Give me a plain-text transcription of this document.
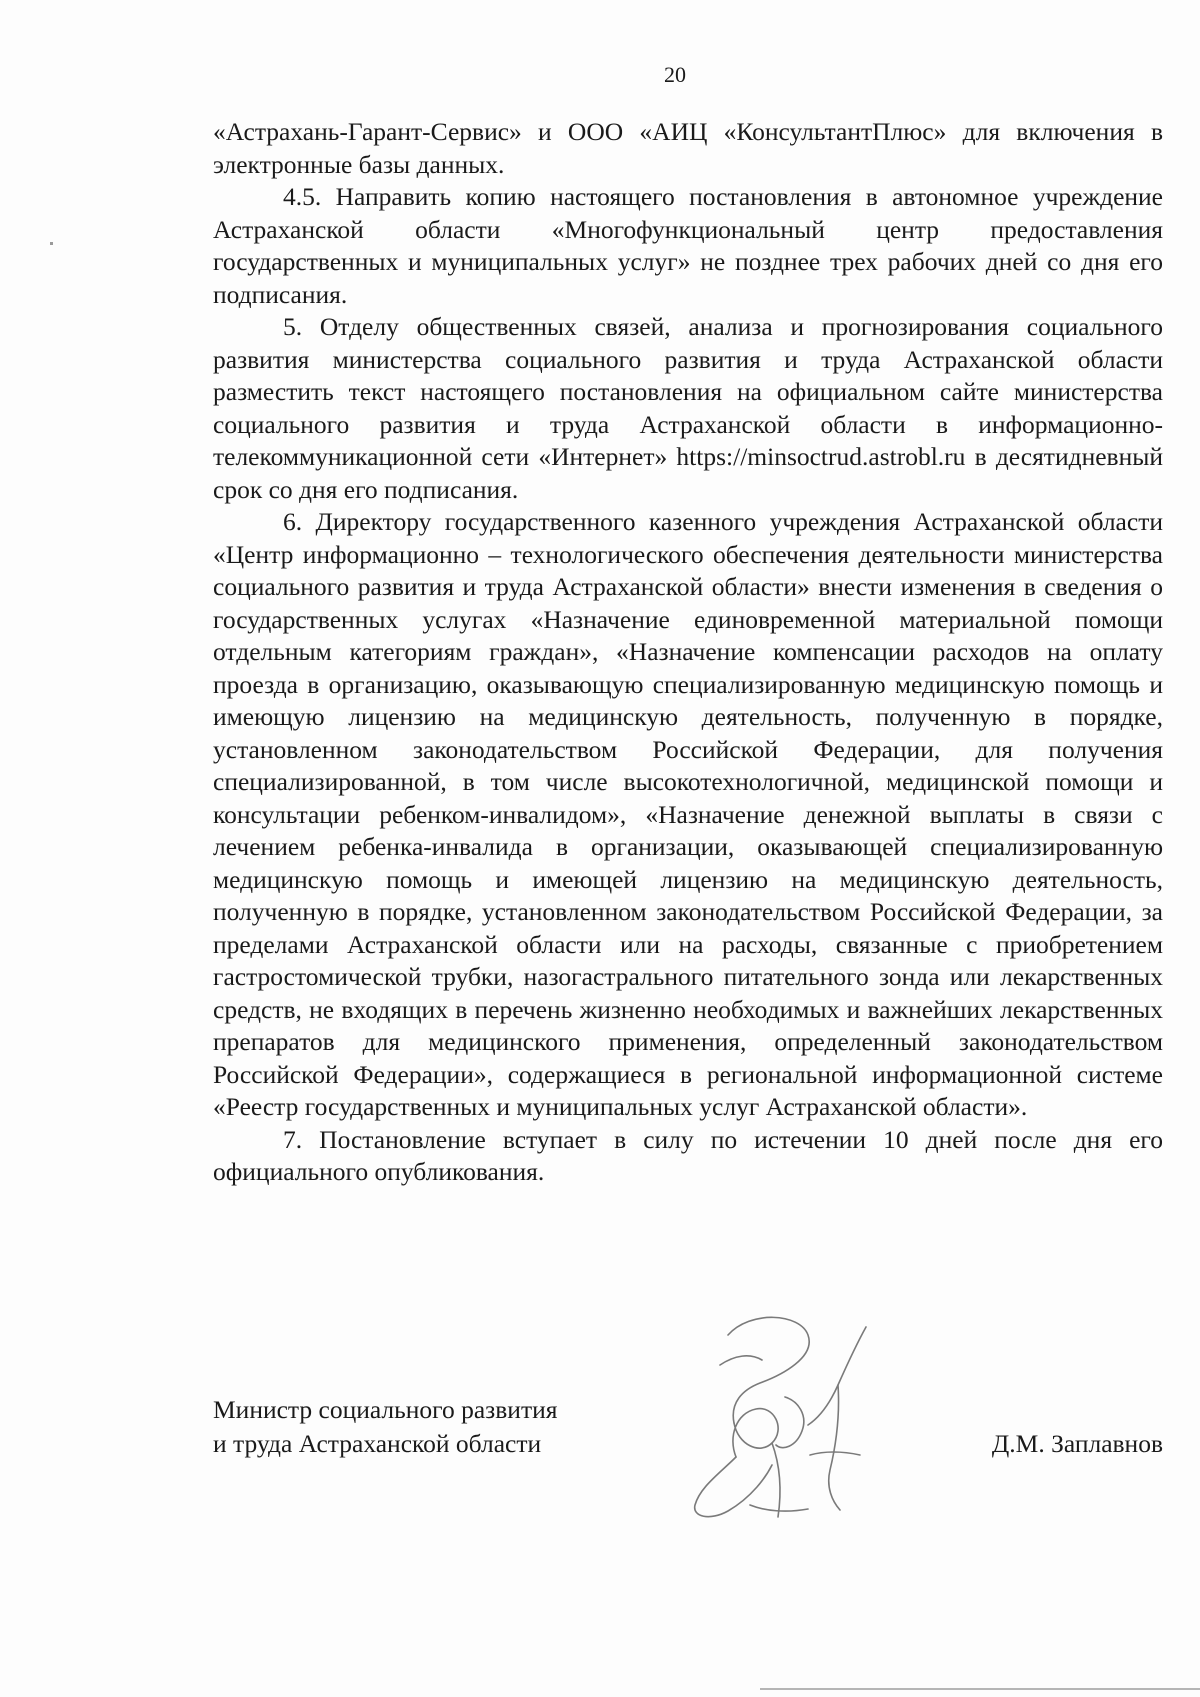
20

«Астрахань-Гарант-Сервис» и ООО «АИЦ «КонсультантПлюс» для включения в электронные базы данных.

4.5. Направить копию настоящего постановления в автономное учреждение Астраханской области «Многофункциональный центр предоставления государственных и муниципальных услуг» не позднее трех рабочих дней со дня его подписания.

5. Отделу общественных связей, анализа и прогнозирования социального развития министерства социального развития и труда Астраханской области разместить текст настоящего постановления на официальном сайте министерства социального развития и труда Астраханской области в информационно-телекоммуникационной сети «Интернет» https://minsoctrud.astrobl.ru в десятидневный срок со дня его подписания.

6. Директору государственного казенного учреждения Астраханской области «Центр информационно – технологического обеспечения деятельности министерства социального развития и труда Астраханской области» внести изменения в сведения о государственных услугах «Назначение единовременной материальной помощи отдельным категориям граждан», «Назначение компенсации расходов на оплату проезда в организацию, оказывающую специализированную медицинскую помощь и имеющую лицензию на медицинскую деятельность, полученную в порядке, установленном законодательством Российской Федерации, для получения специализированной, в том числе высокотехнологичной, медицинской помощи и консультации ребенком-инвалидом», «Назначение денежной выплаты в связи с лечением ребенка-инвалида в организации, оказывающей специализированную медицинскую помощь и имеющей лицензию на медицинскую деятельность, полученную в порядке, установленном законодательством Российской Федерации, за пределами Астраханской области или на расходы, связанные с приобретением гастростомической трубки, назогастрального питательного зонда или лекарственных средств, не входящих в перечень жизненно необходимых и важнейших лекарственных препаратов для медицинского применения, определенный законодательством Российской Федерации», содержащиеся в региональной информационной системе «Реестр государственных и муниципальных услуг Астраханской области».

7. Постановление вступает в силу по истечении 10 дней после дня его официального опубликования.

Министр социального развития
и труда Астраханской области	Д.М. Заплавнов
